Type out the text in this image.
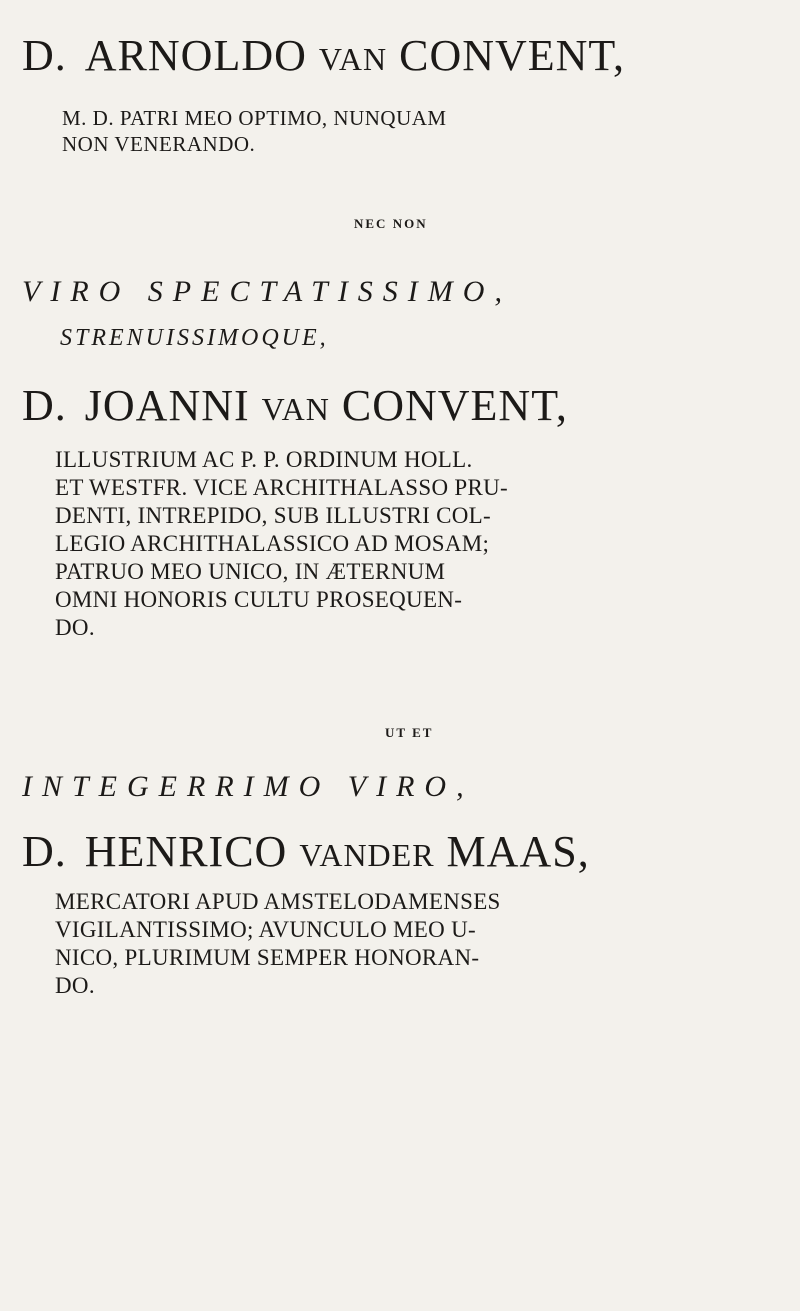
D. ARNOLDO VAN CONVENT,
M. D. PATRI MEO OPTIMO, NUNQUAM
NON VENERANDO.
NEC NON
VIRO SPECTATISSIMO,
STRENUISSIMOQUE,
D. JOANNI VAN CONVENT,

ILLUSTRIUM AC P. P. ORDINUM HOLL.

ET WESTFR. VICE ARCHITHALASSO PRU-

DENTI, INTREPIDO, SUB ILLUSTRI COL-

LEGIO ARCHITHALASSICO AD MOSAM;

PATRUO MEO UNICO, IN ÆTERNUM

OMNI HONORIS CULTU PROSEQUEN-

DO.

UT ET
INTEGERRIMO VIRO,
D. HENRICO VANDER MAAS,

MERCATORI APUD AMSTELODAMENSES

VIGILANTISSIMO; AVUNCULO MEO U-

NICO, PLURIMUM SEMPER HONORAN-

DO.
